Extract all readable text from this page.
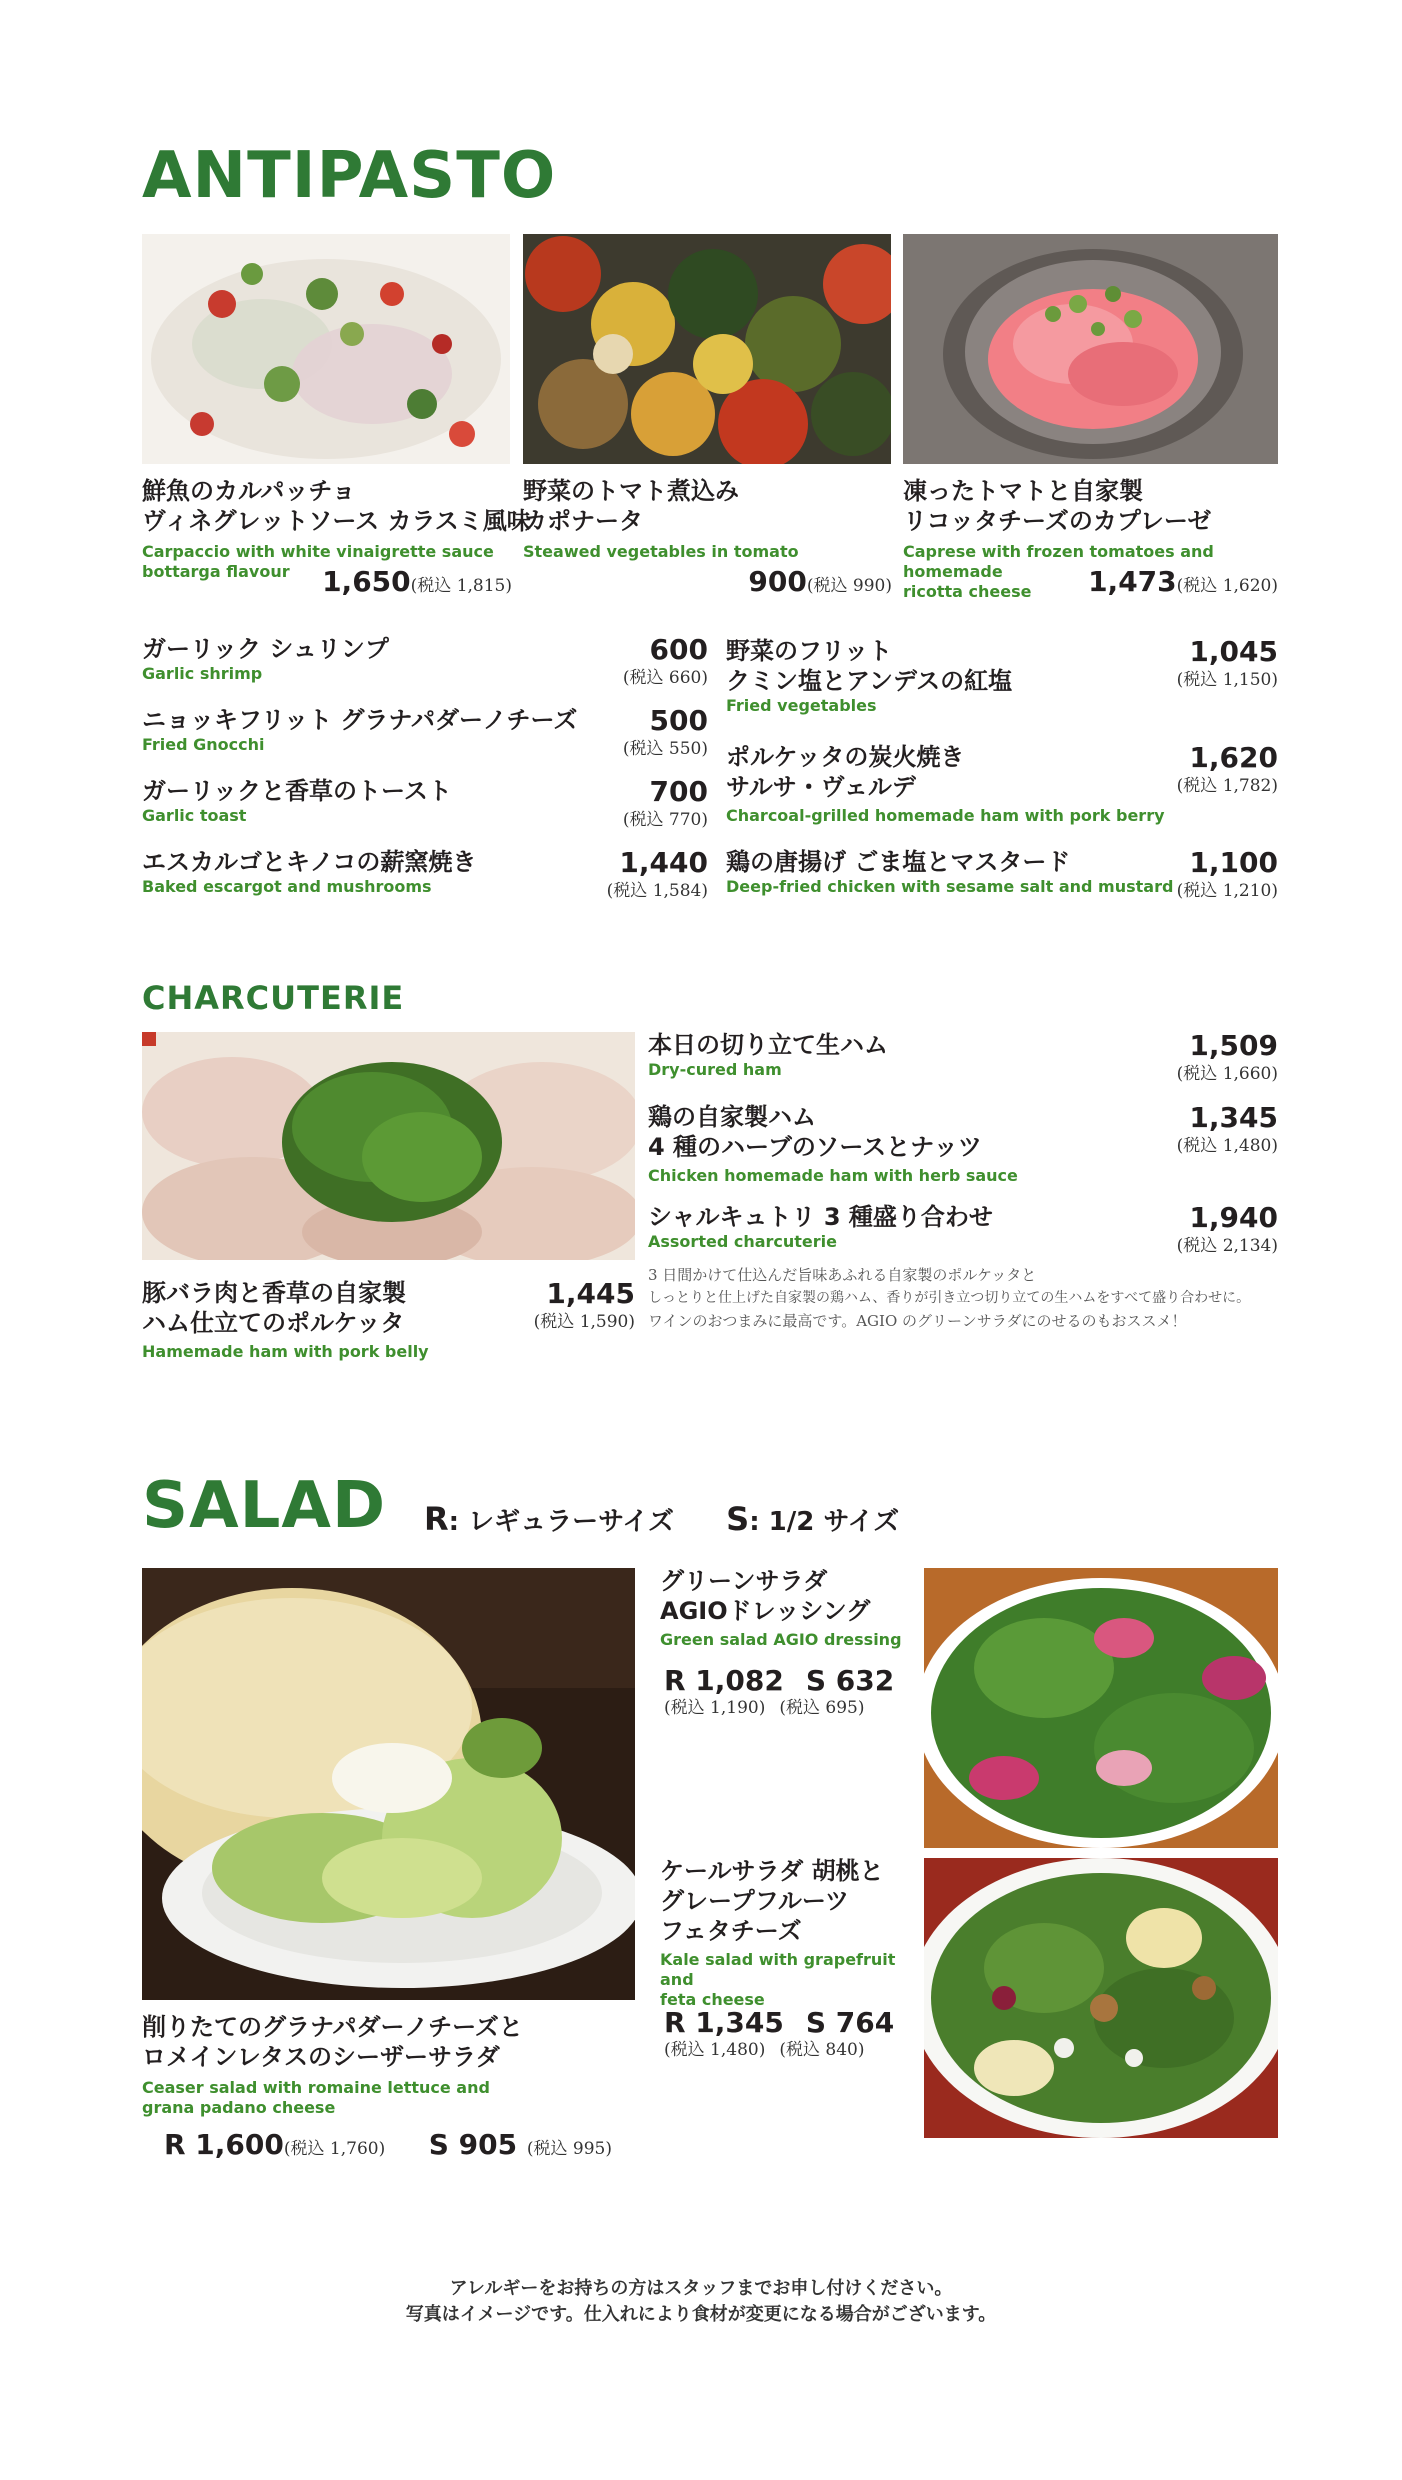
ANTIPASTO
鮮魚のカルパッチョ
ヴィネグレットソース カラスミ風味
Carpaccio with white vinaigrette sauce
bottarga flavour	1,650(税込 1,815)
野菜のトマト煮込み
カポナータ
Steawed vegetables in tomato
900(税込 990)
凍ったトマトと自家製
リコッタチーズのカプレーゼ
Caprese with frozen tomatoes and homemade
ricotta cheese	1,473(税込 1,620)
ガーリック シュリンプ
Garlic shrimp
600
(税込 660)
ニョッキフリット グラナパダーノチーズ
Fried Gnocchi
500
(税込 550)
ガーリックと香草のトースト
Garlic toast
700
(税込 770)
エスカルゴとキノコの薪窯焼き
Baked escargot and mushrooms
1,440
(税込 1,584)
野菜のフリット
クミン塩とアンデスの紅塩
Fried vegetables
1,045
(税込 1,150)
ポルケッタの炭火焼き
サルサ・ヴェルデ
Charcoal-grilled homemade ham with pork berry
1,620
(税込 1,782)
鶏の唐揚げ ごま塩とマスタード
Deep-fried chicken with sesame salt and mustard
1,100
(税込 1,210)
CHARCUTERIE
豚バラ肉と香草の自家製
ハム仕立てのポルケッタ
Hamemade ham with pork belly
1,445
(税込 1,590)
本日の切り立て生ハム
Dry-cured ham
1,509
(税込 1,660)
鶏の自家製ハム
4 種のハーブのソースとナッツ
Chicken homemade ham with herb sauce
1,345
(税込 1,480)
シャルキュトリ 3 種盛り合わせ
Assorted charcuterie
1,940
(税込 2,134)
3 日間かけて仕込んだ旨味あふれる自家製のポルケッタと
しっとりと仕上げた自家製の鶏ハム、香りが引き立つ切り立ての生ハムをすべて盛り合わせに。
ワインのおつまみに最高です。AGIO のグリーンサラダにのせるのもおススメ！
SALAD R: レギュラーサイズ S: 1/2 サイズ
削りたてのグラナパダーノチーズと
ロメインレタスのシーザーサラダ
Ceaser salad with romaine lettuce and
grana padano cheese
R 1,600(税込 1,760) S 905 (税込 995)
グリーンサラダ
AGIOドレッシング
Green salad AGIO dressing
R 1,082 S 632
(税込 1,190) (税込 695)
ケールサラダ 胡桃と
グレープフルーツ
フェタチーズ
Kale salad with grapefruit and
feta cheese
R 1,345 S 764
(税込 1,480) (税込 840)
アレルギーをお持ちの方はスタッフまでお申し付けください。
写真はイメージです。仕入れにより食材が変更になる場合がございます。
